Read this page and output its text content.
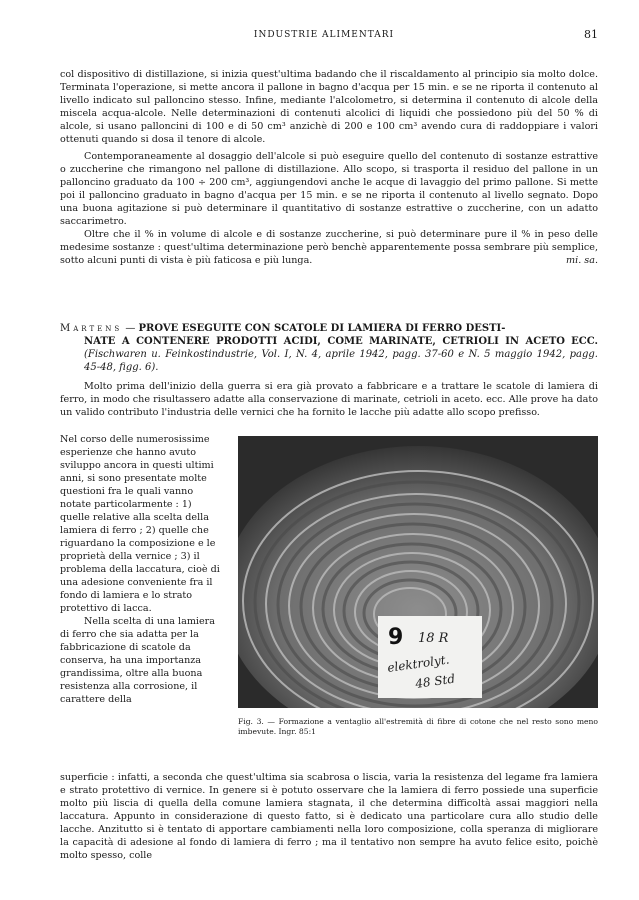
INDUSTRIE ALIMENTARI	81

col dispositivo di distillazione, si inizia quest'ultima badando che il riscaldamento al principio sia molto dolce. Terminata l'operazione, si mette ancora il pallone in bagno d'acqua per 15 min. e se ne riporta il contenuto al livello indicato sul palloncino stesso. Infine, mediante l'alcolometro, si determina il contenuto di alcole della miscela acqua-alcole. Nelle determinazioni di contenuti alcolici di liquidi che possiedono più del 50 % di alcole, si usano palloncini di 100 e di 50 cm³ anzichè di 200 e 100 cm³ avendo cura di raddoppiare i valori ottenuti quando si dosa il tenore di alcole.

Contemporaneamente al dosaggio dell'alcole si può eseguire quello del contenuto di sostanze estrattive o zuccherine che rimangono nel pallone di distillazione. Allo scopo, si trasporta il residuo del pallone in un palloncino graduato da 100 ÷ 200 cm³, aggiungendovi anche le acque di lavaggio del primo pallone. Si mette poi il palloncino graduato in bagno d'acqua per 15 min. e se ne riporta il contenuto al livello segnato. Dopo una buona agitazione si può determinare il quantitativo di sostanze estrattive o zuccherine, con un adatto saccarimetro.

Oltre che il % in volume di alcole e di sostanze zuccherine, si può determinare pure il % in peso delle medesime sostanze : quest'ultima determinazione però benchè apparentemente possa sembrare più semplice, sotto alcuni punti di vista è più faticosa e più lunga.	mi. sa.

Martens — PROVE ESEGUITE CON SCATOLE DI LAMIERA DI FERRO DESTI-
NATE A CONTENERE PRODOTTI ACIDI, COME MARINATE, CETRIOLI IN ACETO ECC. (Fischwaren u. Feinkostindustrie, Vol. I, N. 4, aprile 1942, pagg. 37-60 e N. 5 maggio 1942, pagg. 45-48, figg. 6).

Molto prima dell'inizio della guerra si era già provato a fabbricare e a trattare le scatole di lamiera di ferro, in modo che risultassero adatte alla conservazione di marinate, cetrioli in aceto. ecc. Alle prove ha dato un valido contributo l'industria delle vernici che ha fornito le lacche più adatte allo scopo prefisso.

Nel corso delle numerosissime esperienze che hanno avuto sviluppo ancora in questi ultimi anni, si sono presentate molte questioni fra le quali vanno notate particolarmente : 1) quelle relative alla scelta della lamiera di ferro ; 2) quelle che riguardano la composizione e le proprietà della vernice ; 3) il problema della laccatura, cioè di una adesione conveniente fra il fondo di lamiera e lo strato protettivo di lacca.

Nella scelta di una lamiera di ferro che sia adatta per la fabbricazione di scatole da conserva, ha una importanza grandissima, oltre alla buona resistenza alla corrosione, il carattere della

9 18 R
elektrolyt.
48 Std
Fig. 3. — Formazione a ventaglio all'estremità di fibre di cotone che nel resto sono meno imbevute. Ingr. 85:1

superficie : infatti, a seconda che quest'ultima sia scabrosa o liscia, varia la resistenza del legame fra lamiera e strato protettivo di vernice. In genere si è potuto osservare che la lamiera di ferro possiede una superficie molto più liscia di quella della comune lamiera stagnata, il che determina difficoltà assai maggiori nella laccatura. Appunto in considerazione di questo fatto, si è dedicato una particolare cura allo studio delle lacche. Anzitutto si è tentato di apportare cambiamenti nella loro composizione, colla speranza di migliorare la capacità di adesione al fondo di lamiera di ferro ; ma il tentativo non sempre ha avuto felice esito, poichè molto spesso, colle
